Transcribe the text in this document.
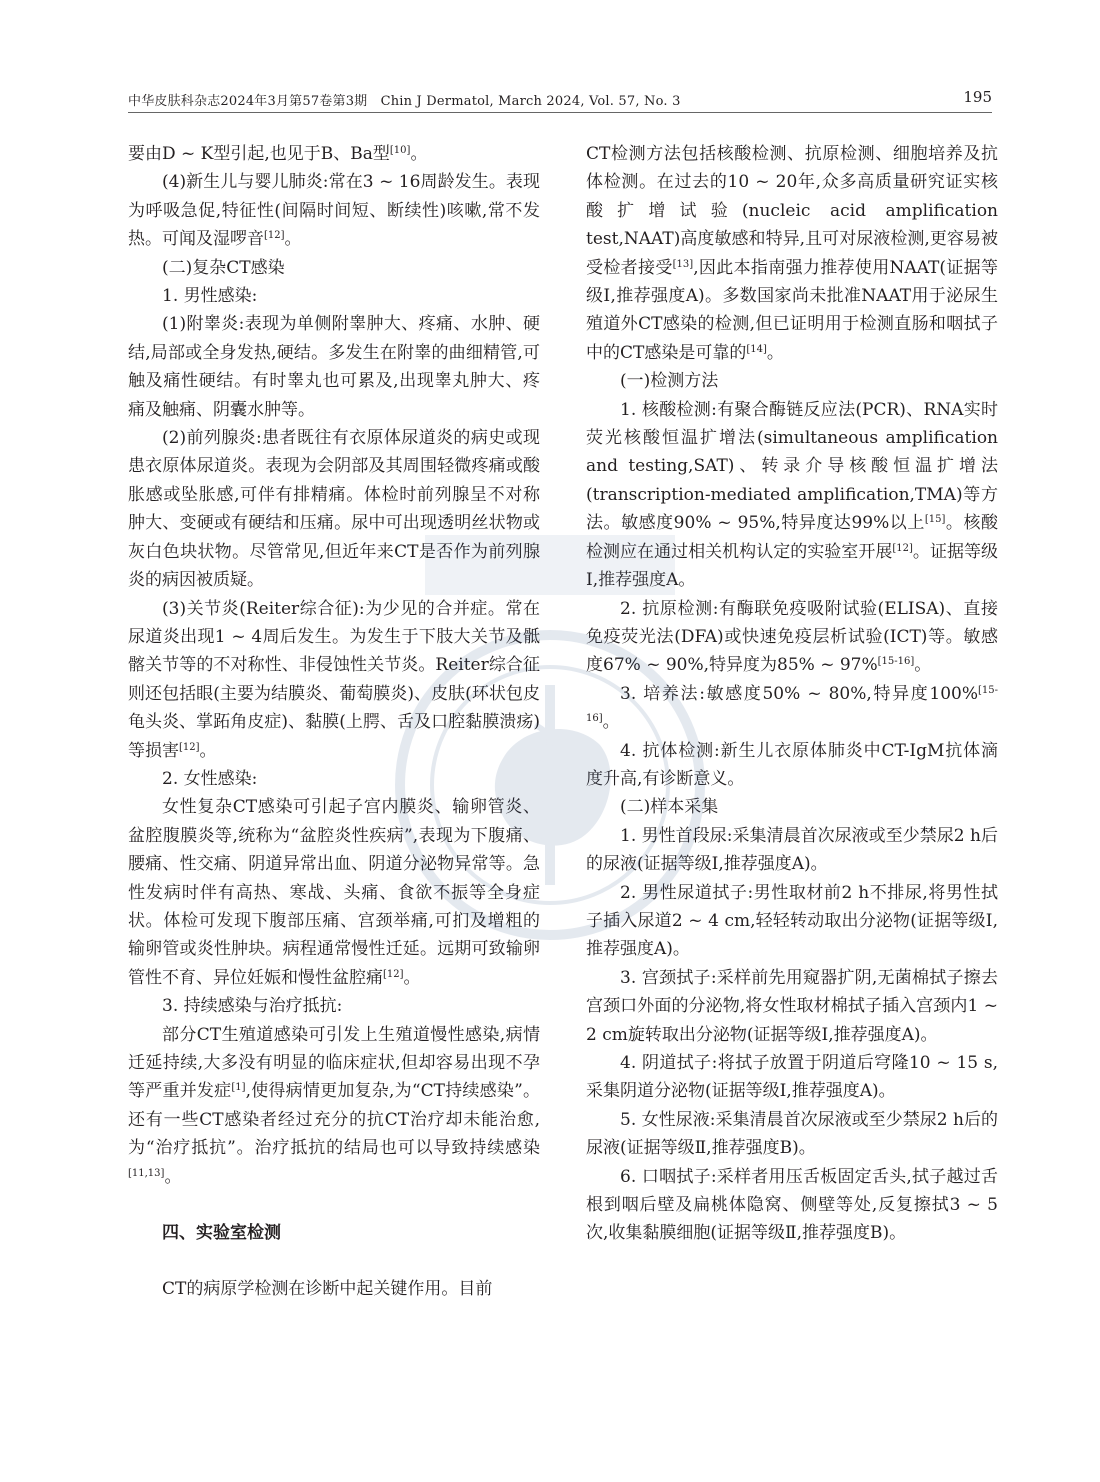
中华皮肤科杂志2024年3月第57卷第3期　Chin J Dermatol, March 2024, Vol. 57, No. 3	195

要由D ~ K型引起,也见于B、Ba型[10]。

(4)新生儿与婴儿肺炎:常在3 ~ 16周龄发生。表现为呼吸急促,特征性(间隔时间短、断续性)咳嗽,常不发热。可闻及湿啰音[12]。

(二)复杂CT感染

1. 男性感染:

(1)附睾炎:表现为单侧附睾肿大、疼痛、水肿、硬结,局部或全身发热,硬结。多发生在附睾的曲细精管,可触及痛性硬结。有时睾丸也可累及,出现睾丸肿大、疼痛及触痛、阴囊水肿等。

(2)前列腺炎:患者既往有衣原体尿道炎的病史或现患衣原体尿道炎。表现为会阴部及其周围轻微疼痛或酸胀感或坠胀感,可伴有排精痛。体检时前列腺呈不对称肿大、变硬或有硬结和压痛。尿中可出现透明丝状物或灰白色块状物。尽管常见,但近年来CT是否作为前列腺炎的病因被质疑。

(3)关节炎(Reiter综合征):为少见的合并症。常在尿道炎出现1 ~ 4周后发生。为发生于下肢大关节及骶髂关节等的不对称性、非侵蚀性关节炎。Reiter综合征则还包括眼(主要为结膜炎、葡萄膜炎)、皮肤(环状包皮龟头炎、掌跖角皮症)、黏膜(上腭、舌及口腔黏膜溃疡)等损害[12]。

2. 女性感染:

女性复杂CT感染可引起子宫内膜炎、输卵管炎、盆腔腹膜炎等,统称为“盆腔炎性疾病”,表现为下腹痛、腰痛、性交痛、阴道异常出血、阴道分泌物异常等。急性发病时伴有高热、寒战、头痛、食欲不振等全身症状。体检可发现下腹部压痛、宫颈举痛,可扪及增粗的输卵管或炎性肿块。病程通常慢性迁延。远期可致输卵管性不育、异位妊娠和慢性盆腔痛[12]。

3. 持续感染与治疗抵抗:

部分CT生殖道感染可引发上生殖道慢性感染,病情迁延持续,大多没有明显的临床症状,但却容易出现不孕等严重并发症[1],使得病情更加复杂,为“CT持续感染”。还有一些CT感染者经过充分的抗CT治疗却未能治愈,为“治疗抵抗”。治疗抵抗的结局也可以导致持续感染[11,13]。

四、实验室检测

CT的病原学检测在诊断中起关键作用。目前

CT检测方法包括核酸检测、抗原检测、细胞培养及抗体检测。在过去的10 ~ 20年,众多高质量研究证实核酸扩增试验(nucleic acid amplification test,NAAT)高度敏感和特异,且可对尿液检测,更容易被受检者接受[13],因此本指南强力推荐使用NAAT(证据等级Ⅰ,推荐强度A)。多数国家尚未批准NAAT用于泌尿生殖道外CT感染的检测,但已证明用于检测直肠和咽拭子中的CT感染是可靠的[14]。

(一)检测方法

1. 核酸检测:有聚合酶链反应法(PCR)、RNA实时荧光核酸恒温扩增法(simultaneous amplification and testing,SAT)、转录介导核酸恒温扩增法(transcription-mediated amplification,TMA)等方法。敏感度90% ~ 95%,特异度达99%以上[15]。核酸检测应在通过相关机构认定的实验室开展[12]。证据等级Ⅰ,推荐强度A。

2. 抗原检测:有酶联免疫吸附试验(ELISA)、直接免疫荧光法(DFA)或快速免疫层析试验(ICT)等。敏感度67% ~ 90%,特异度为85% ~ 97%[15-16]。

3. 培养法:敏感度50% ~ 80%,特异度100%[15-16]。

4. 抗体检测:新生儿衣原体肺炎中CT-IgM抗体滴度升高,有诊断意义。

(二)样本采集

1. 男性首段尿:采集清晨首次尿液或至少禁尿2 h后的尿液(证据等级Ⅰ,推荐强度A)。

2. 男性尿道拭子:男性取材前2 h不排尿,将男性拭子插入尿道2 ~ 4 cm,轻轻转动取出分泌物(证据等级Ⅰ,推荐强度A)。

3. 宫颈拭子:采样前先用窥器扩阴,无菌棉拭子擦去宫颈口外面的分泌物,将女性取材棉拭子插入宫颈内1 ~ 2 cm旋转取出分泌物(证据等级Ⅰ,推荐强度A)。

4. 阴道拭子:将拭子放置于阴道后穹隆10 ~ 15 s,采集阴道分泌物(证据等级Ⅰ,推荐强度A)。

5. 女性尿液:采集清晨首次尿液或至少禁尿2 h后的尿液(证据等级Ⅱ,推荐强度B)。

6. 口咽拭子:采样者用压舌板固定舌头,拭子越过舌根到咽后壁及扁桃体隐窝、侧壁等处,反复擦拭3 ~ 5次,收集黏膜细胞(证据等级Ⅱ,推荐强度B)。
